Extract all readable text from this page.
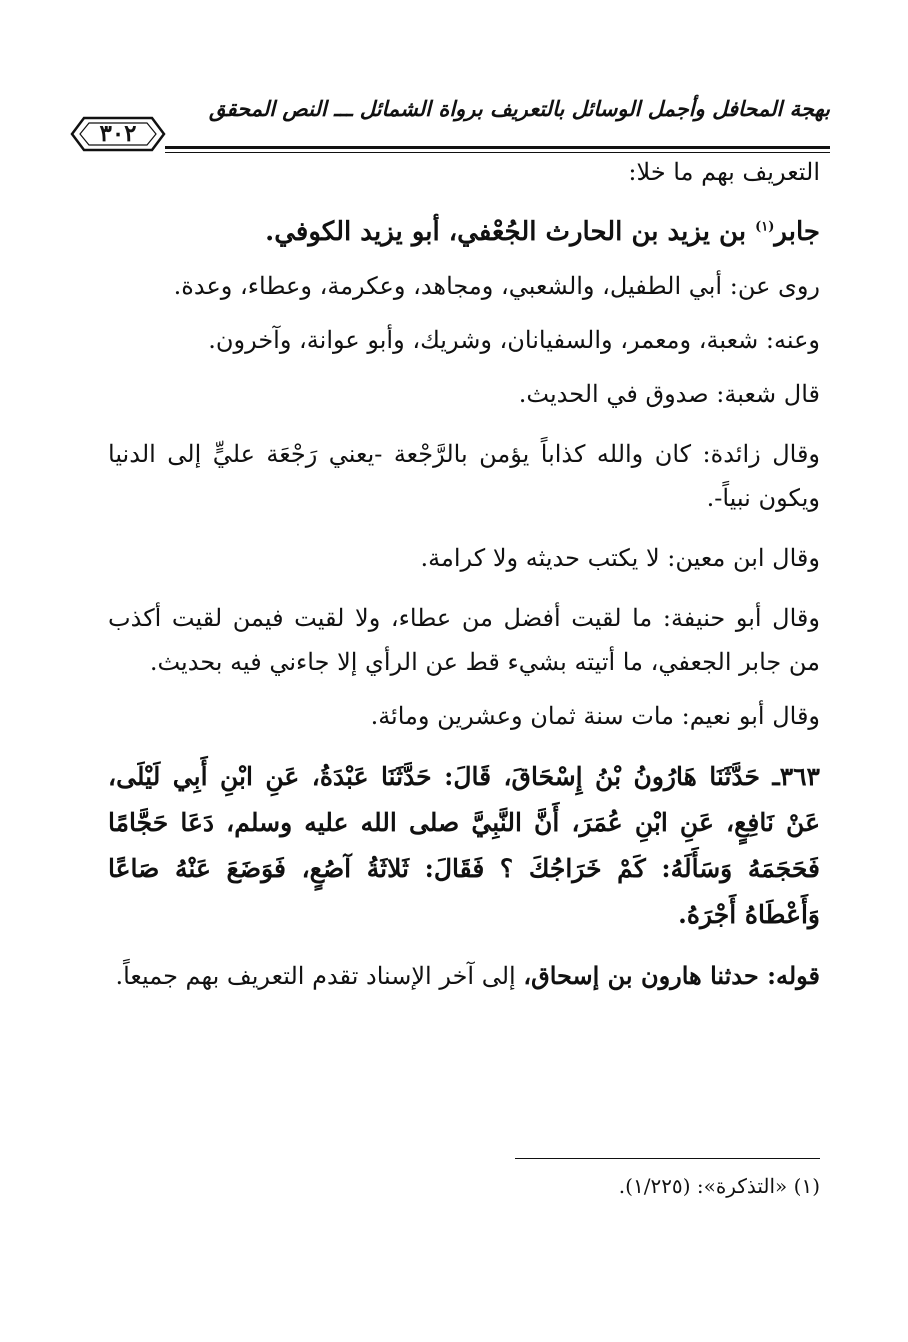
بهجة المحافل وأجمل الوسائل بالتعريف برواة الشمائل ـــ النص المحقق
٣٠٢

التعريف بهم ما خلا:

جابر$^{(١)}$ بن يزيد بن الحارث الجُعْفي، أبو يزيد الكوفي.

روى عن: أبي الطفيل، والشعبي، ومجاهد، وعكرمة، وعطاء، وعدة.

وعنه: شعبة، ومعمر، والسفيانان، وشريك، وأبو عوانة، وآخرون.

قال شعبة: صدوق في الحديث.

وقال زائدة: كان والله كذاباً يؤمن بالرَّجْعة -يعني رَجْعَة عليٍّ إلى الدنيا ويكون نبياً-.

وقال ابن معين: لا يكتب حديثه ولا كرامة.

وقال أبو حنيفة: ما لقيت أفضل من عطاء، ولا لقيت فيمن لقيت أكذب من جابر الجعفي، ما أتيته بشيء قط عن الرأي إلا جاءني فيه بحديث.

وقال أبو نعيم: مات سنة ثمان وعشرين ومائة.

٣٦٣ـ حَدَّثَنَا هَارُونُ بْنُ إِسْحَاقَ، قَالَ: حَدَّثَنَا عَبْدَةُ، عَنِ ابْنِ أَبِي لَيْلَى، عَنْ نَافِعٍ، عَنِ ابْنِ عُمَرَ، أَنَّ النَّبِيَّ صلى الله عليه وسلم، دَعَا حَجَّامًا فَحَجَمَهُ وَسَأَلَهُ: كَمْ خَرَاجُكَ ؟ فَقَالَ: ثَلاثَةُ آصُعٍ، فَوَضَعَ عَنْهُ صَاعًا وَأَعْطَاهُ أَجْرَهُ.

قوله: حدثنا هارون بن إسحاق، إلى آخر الإسناد تقدم التعريف بهم جميعاً.

(١) «التذكرة»: (١/٢٢٥).
